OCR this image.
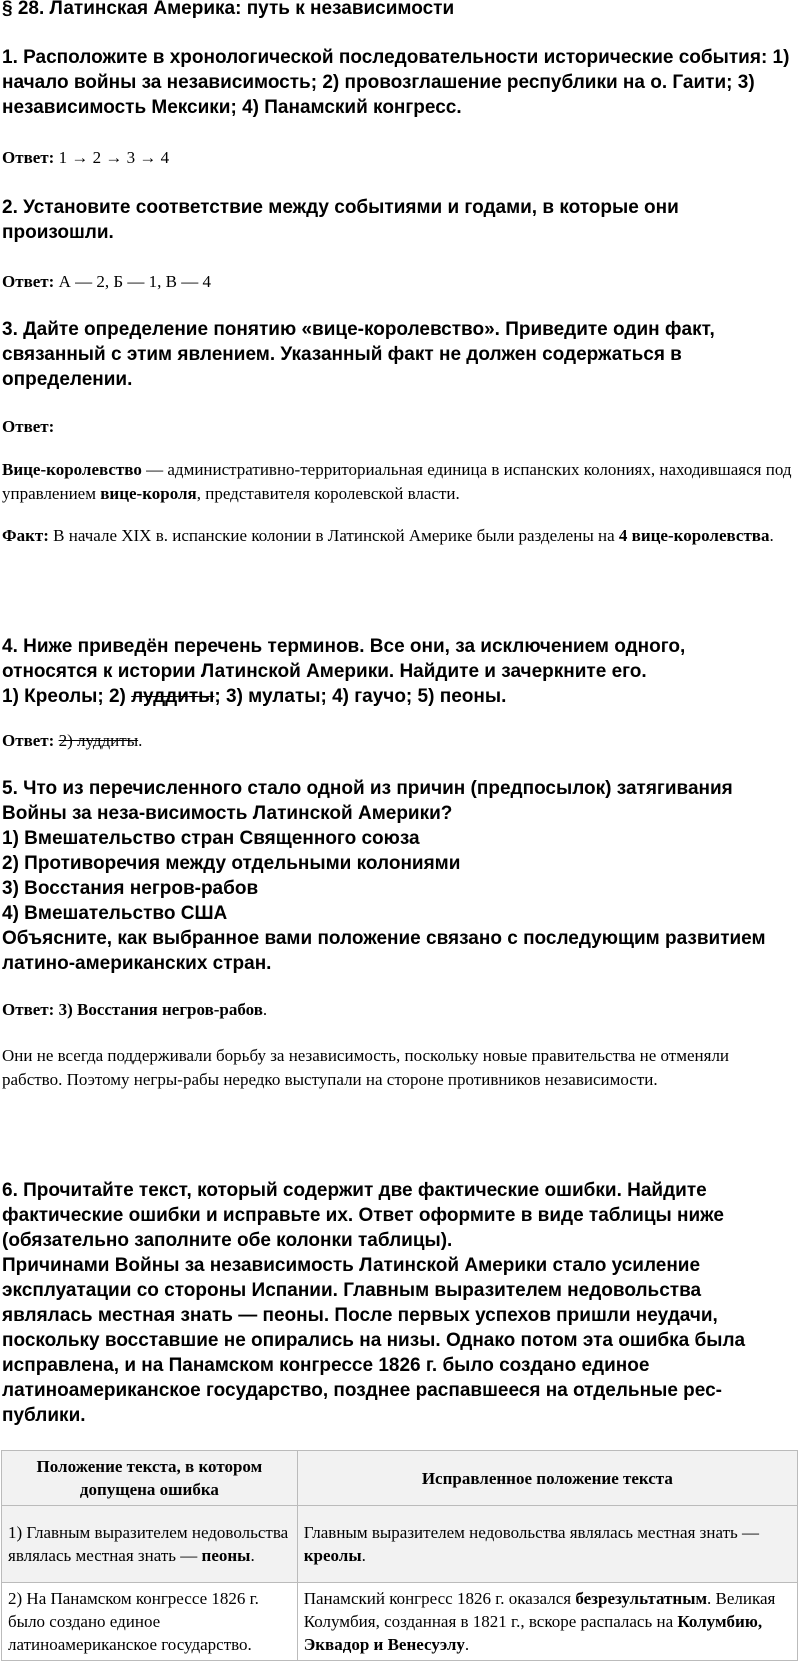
§ 28. Латинская Америка: путь к независимости

1. Расположите в хронологической последовательности исторические события: 1) начало войны за независимость; 2) провозглашение республики на о. Гаити; 3) независимость Мексики; 4) Панамский конгресс.

Ответ: 1 → 2 → 3 → 4

2. Установите соответствие между событиями и годами, в которые они произошли.

Ответ: А — 2, Б — 1, В — 4

3. Дайте определение понятию «вице-королевство». Приведите один факт, связанный с этим явлением. Указанный факт не должен содержаться в определении.

Ответ:

Вице-королевство — административно-территориальная единица в испанских колониях, находившаяся под управлением вице-короля, представителя королевской власти.

Факт: В начале XIX в. испанские колонии в Латинской Америке были разделены на 4 вице-королевства.

4. Ниже приведён перечень терминов. Все они, за исключением одного,

относятся к истории Латинской Америки. Найдите и зачеркните его.

1) Креолы; 2) луддиты; 3) мулаты; 4) гаучо; 5) пеоны.

Ответ: 2) луддиты.

5. Что из перечисленного стало одной из причин (предпосылок) затягивания

Войны за неза-висимость Латинской Америки?

1) Вмешательство стран Священного союза

2) Противоречия между отдельными колониями

3) Восстания негров-рабов

4) Вмешательство США

Объясните, как выбранное вами положение связано с последующим развитием латино-американских стран.

Ответ: 3) Восстания негров-рабов.

Они не всегда поддерживали борьбу за независимость, поскольку новые правительства не отменяли рабство. Поэтому негры-рабы нередко выступали на стороне противников независимости.

6. Прочитайте текст, который содержит две фактические ошибки. Найдите

фактические ошибки и исправьте их. Ответ оформите в виде таблицы ниже

(обязательно заполните обе колонки таблицы).

Причинами Войны за независимость Латинской Америки стало усиление эксплуатации со стороны Испании. Главным выразителем недовольства являлась местная знать — пеоны. После первых успехов пришли неудачи, поскольку восставшие не опирались на низы. Однако потом эта ошибка была исправлена, и на Панамском конгрессе 1826 г. было создано единое латиноамериканское государство, позднее распавшееся на отдельные рес-публики.

Положение текста, в котором допущена ошибка	Исправленное положение текста
1) Главным выразителем недовольства являлась местная знать — пеоны.	Главным выразителем недовольства являлась местная знать — креолы.
2) На Панамском конгрессе 1826 г. было создано единое латиноамериканское государство.	Панамский конгресс 1826 г. оказался безрезультатным. Великая Колумбия, созданная в 1821 г., вскоре распалась на Колумбию, Эквадор и Венесуэлу.
